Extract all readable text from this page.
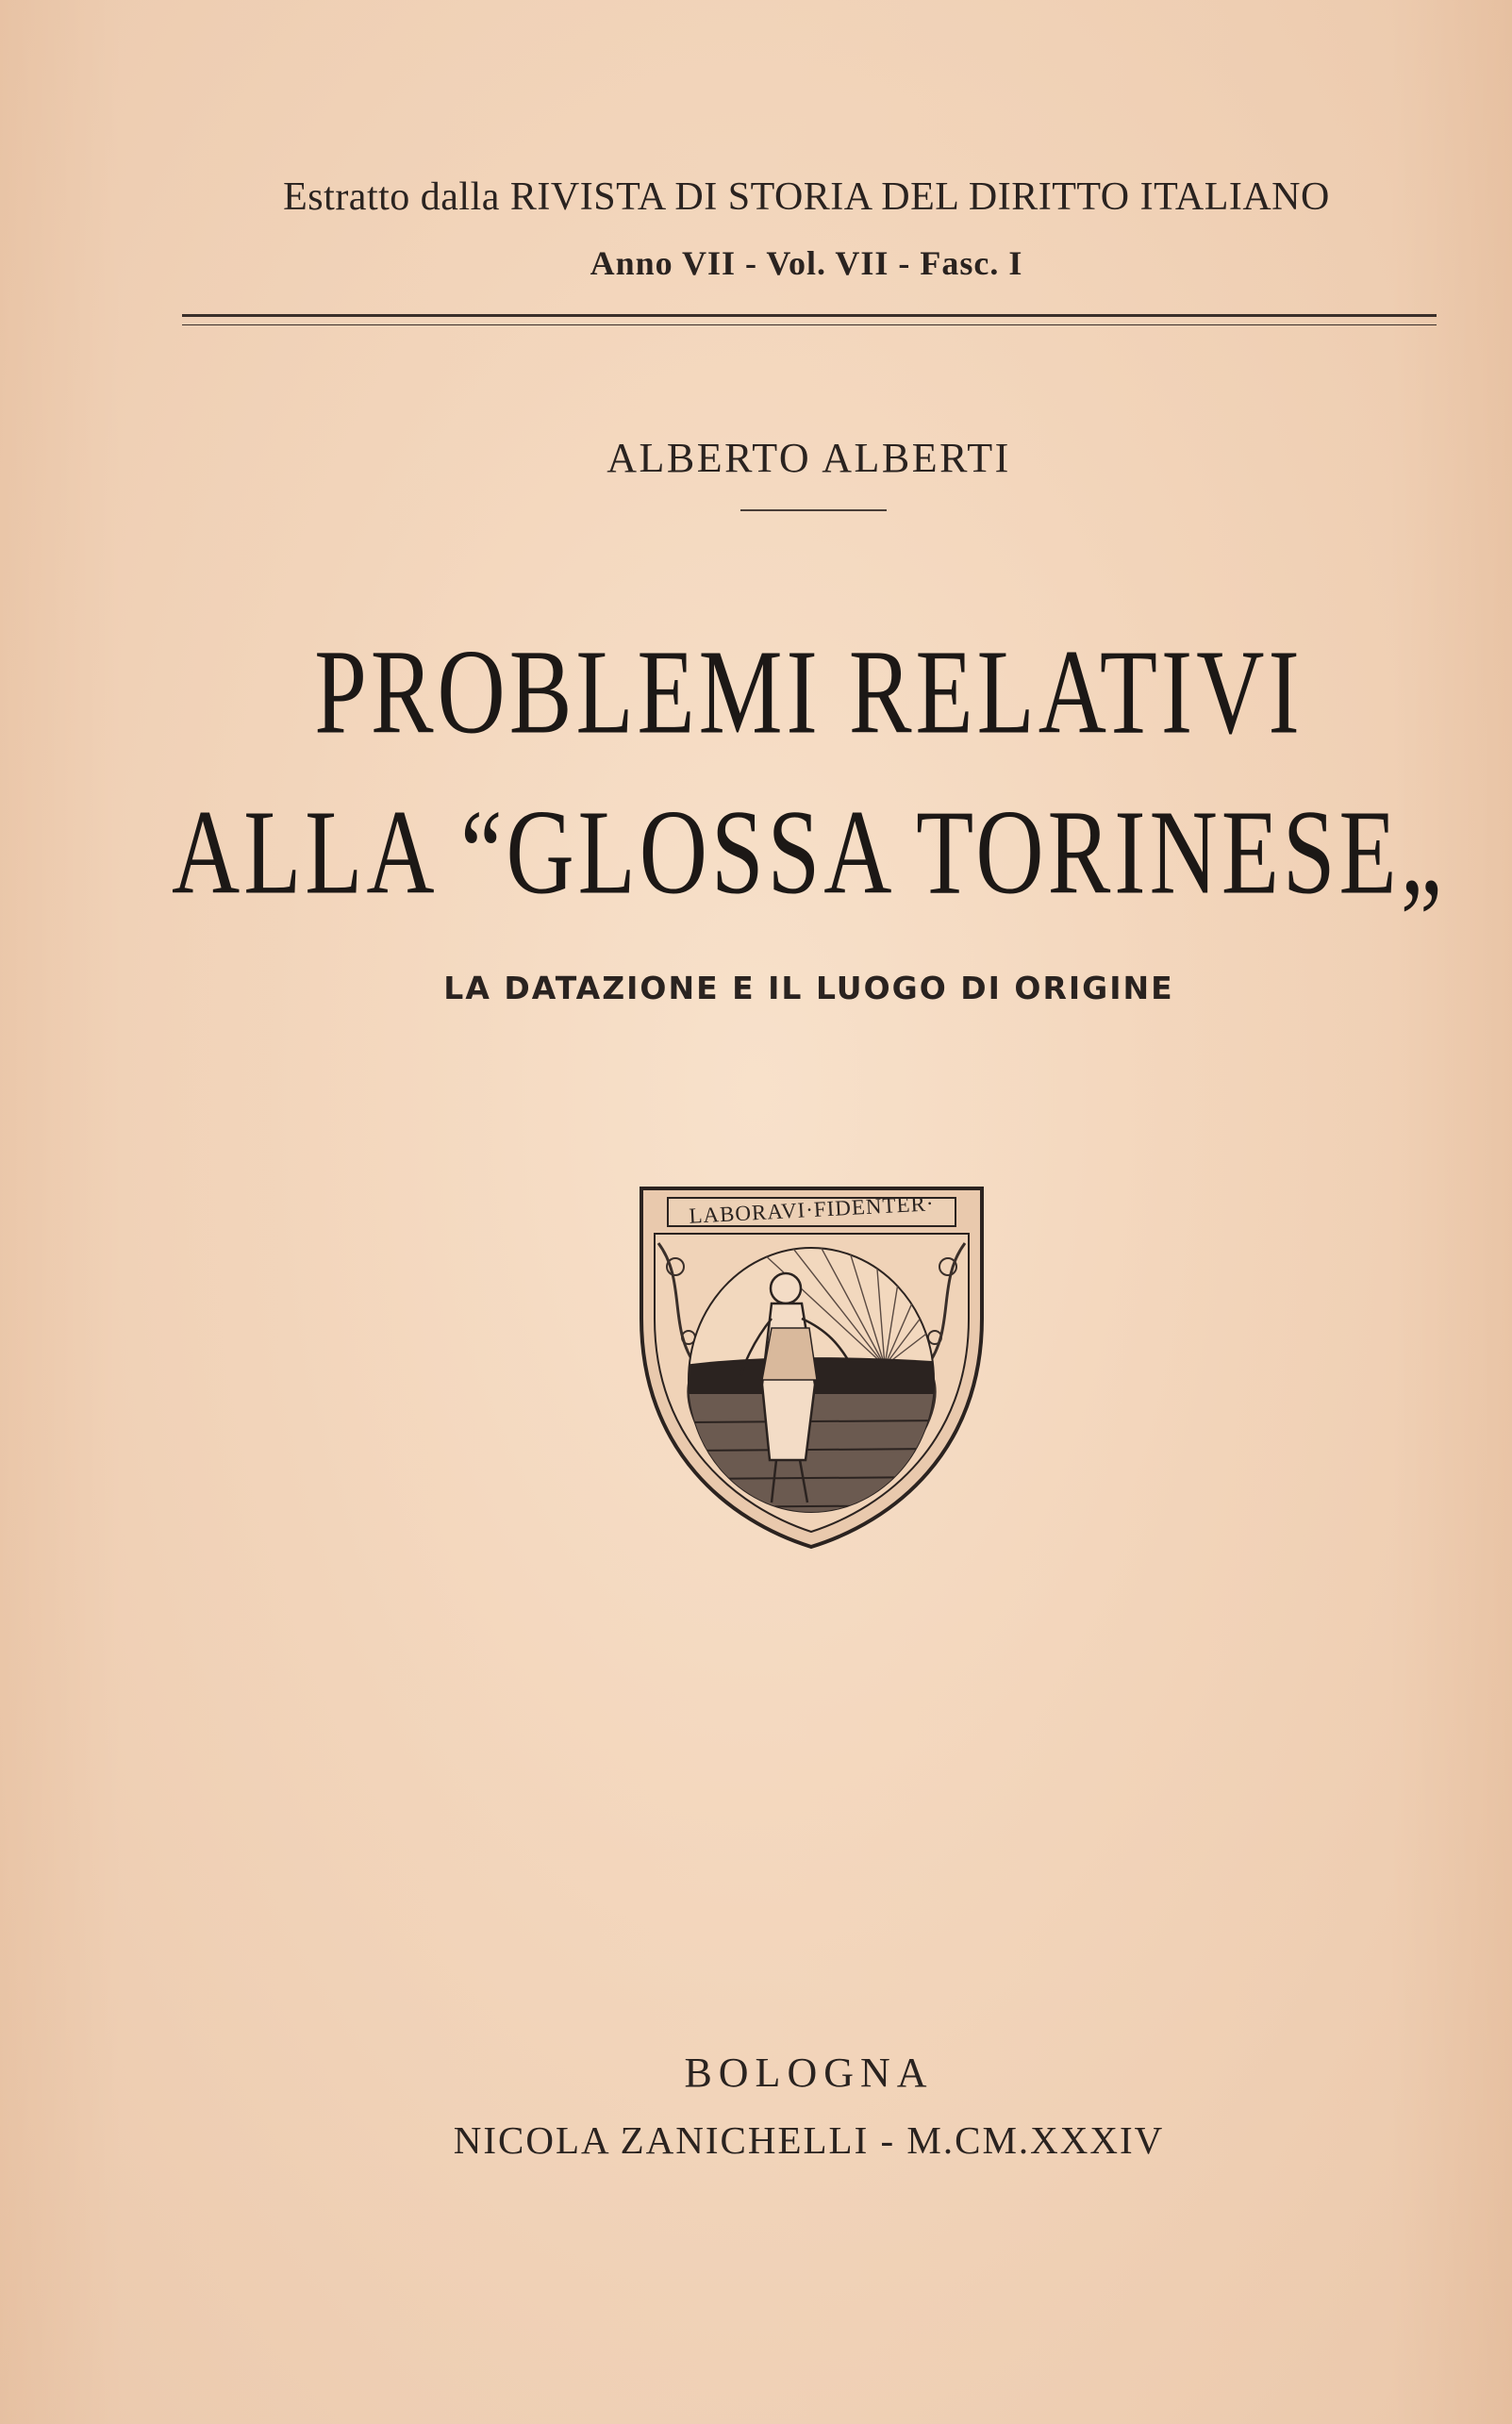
Estratto dalla RIVISTA DI STORIA DEL DIRITTO ITALIANO
Anno VII - Vol. VII - Fasc. I
ALBERTO ALBERTI
PROBLEMI RELATIVI
ALLA “GLOSSA TORINESE„
LA DATAZIONE E IL LUOGO DI ORIGINE
LABORAVI·FIDENTER·
BOLOGNA
NICOLA ZANICHELLI - M.CM.XXXIV
